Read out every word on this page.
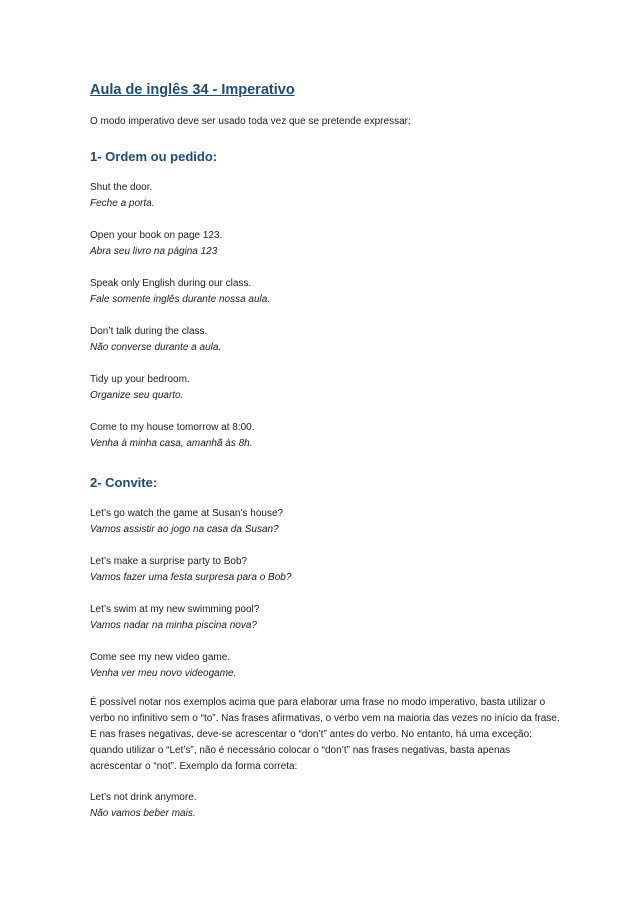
Aula de inglês 34 - Imperativo

O modo imperativo deve ser usado toda vez que se pretende expressar:

1- Ordem ou pedido:
Shut the door.
Feche a porta.
Open your book on page 123.
Abra seu livro na página 123
Speak only English during our class.
Fale somente inglês durante nossa aula.
Don’t talk during the class.
Não converse durante a aula.
Tidy up your bedroom.
Organize seu quarto.
Come to my house tomorrow at 8:00.
Venha à minha casa, amanhã às 8h.
2- Convite:
Let’s go watch the game at Susan’s house?
Vamos assistir ao jogo na casa da Susan?
Let’s make a surprise party to Bob?
Vamos fazer uma festa surpresa para o Bob?
Let’s swim at my new swimming pool?
Vamos nadar na minha piscina nova?
Come see my new video game.
Venha ver meu novo videogame.
É possível notar nos exemplos acima que para elaborar uma frase no modo imperativo, basta utilizar o
verbo no infinitivo sem o “to”. Nas frases afirmativas, o verbo vem na maioria das vezes no início da frase.
E nas frases negativas, deve-se acrescentar o “don’t” antes do verbo. No entanto, há uma exceção:
quando utilizar o “Let’s”, não é necessário colocar o “don’t” nas frases negativas, basta apenas
acrescentar o “not”. Exemplo da forma correta:
Let’s not drink anymore.
Não vamos beber mais.
